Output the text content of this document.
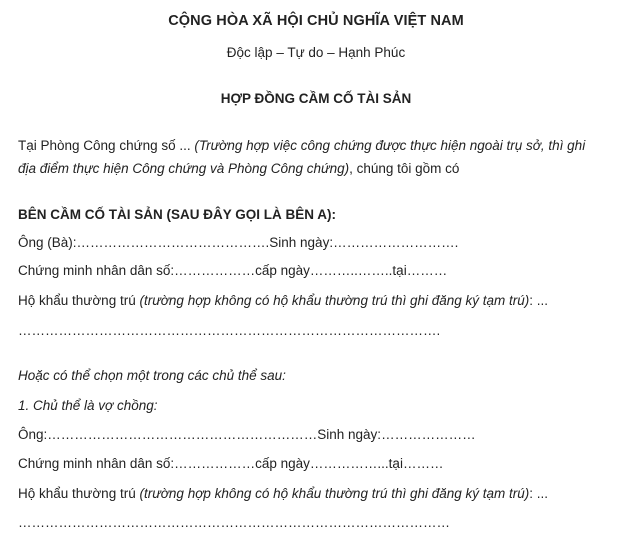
CỘNG HÒA XÃ HỘI CHỦ NGHĨA VIỆT NAM
Độc lập – Tự do – Hạnh Phúc
HỢP ĐỒNG CẦM CỐ TÀI SẢN
Tại Phòng Công chứng số ... (Trường hợp việc công chứng được thực hiện ngoài trụ sở, thì ghi
địa điểm thực hiện Công chứng và Phòng Công chứng), chúng tôi gồm có
BÊN CẦM CỐ TÀI SẢN (SAU ĐÂY GỌI LÀ BÊN A):
Ông (Bà):…………………………………….Sinh ngày:……………………….
Chứng minh nhân dân số:………………cấp ngày………..……..tại………
Hộ khẩu thường trú (trường hợp không có hộ khẩu thường trú thì ghi đăng ký tạm trú): ...
………………………………………………………………………………….
Hoặc có thể chọn một trong các chủ thể sau:
1. Chủ thể là vợ chồng:
Ông:……………………………………………………Sinh ngày:…………………
Chứng minh nhân dân số:………………cấp ngày……………...tại………
Hộ khẩu thường trú (trường hợp không có hộ khẩu thường trú thì ghi đăng ký tạm trú): ...
……………………………………………………………………………………
